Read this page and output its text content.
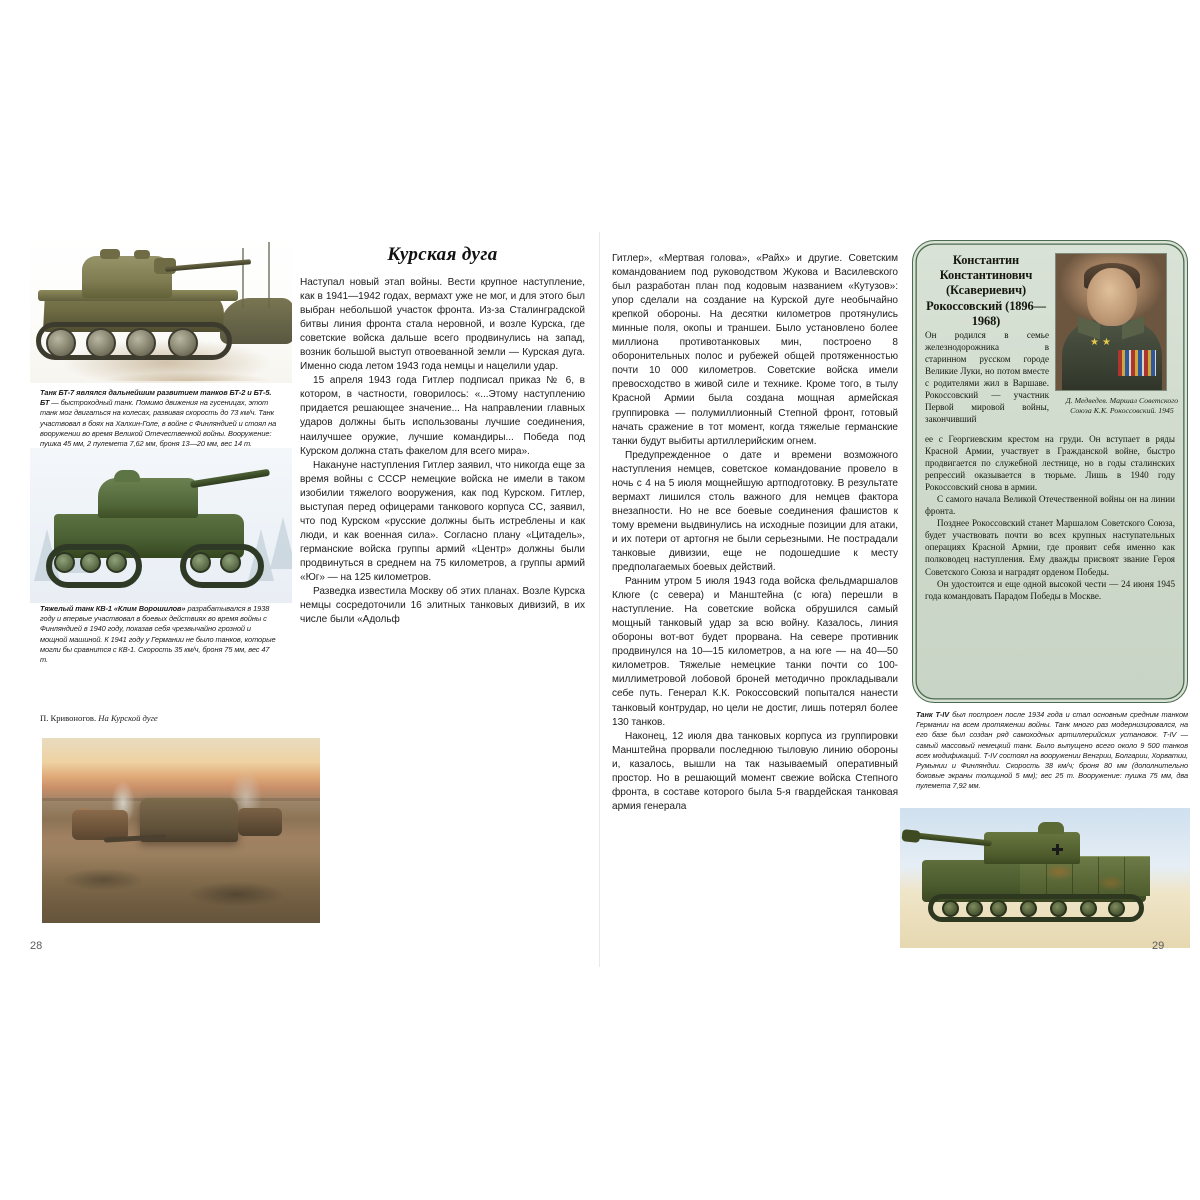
Танк БТ-7 являлся дальнейшим развитием танков БТ-2 и БТ-5. БТ — быстроходный танк. Помимо движения на гусеницах, этот танк мог двигаться на колесах, развивая скорость до 73 км/ч. Танк участвовал в боях на Халхин-Голе, в войне с Финляндией и стоял на вооружении во время Великой Отечественной войны. Вооружение: пушка 45 мм, 2 пулемета 7,62 мм, броня 13—20 мм, вес 14 т.
Тяжелый танк КВ-1 «Клим Ворошилов» разрабатывался в 1938 году и впервые участвовал в боевых действиях во время войны с Финляндией в 1940 году, показав себя чрезвычайно грозной и мощной машиной. К 1941 году у Германии не было танков, которые могли бы сравнится с КВ-1. Скорость 35 км/ч, броня 75 мм, вес 47 т.
П. Кривоногов. На Курской дуге
Курская дуга

Наступал новый этап войны. Вести крупное наступление, как в 1941—1942 годах, вермахт уже не мог, и для этого был выбран небольшой участок фронта. Из-за Сталинградской битвы линия фронта стала неровной, и возле Курска, где советские войска дальше всего продвинулись на запад, возник большой выступ отвоеванной земли — Курская дуга. Именно сюда летом 1943 года немцы и нацелили удар.

15 апреля 1943 года Гитлер подписал приказ № 6, в котором, в частности, говорилось: «...Этому наступлению придается решающее значение... На направлении главных ударов должны быть использованы лучшие соединения, наилучшее оружие, лучшие командиры... Победа под Курском должна стать факелом для всего мира».

Накануне наступления Гитлер заявил, что никогда еще за время войны с СССР немецкие войска не имели в таком изобилии тяжелого вооружения, как под Курском. Гитлер, выступая перед офицерами танкового корпуса СС, заявил, что под Курском «русские должны быть истреблены и как люди, и как военная сила». Согласно плану «Цитадель», германские войска группы армий «Центр» должны были продвинуться в среднем на 75 километров, а группы армий «Юг» — на 125 километров.

Разведка известила Москву об этих планах. Возле Курска немцы сосредоточили 16 элитных танковых дивизий, в их числе были «Адольф

Гитлер», «Мертвая голова», «Райх» и другие. Советским командованием под руководством Жукова и Василевского был разработан план под кодовым названием «Кутузов»: упор сделали на создание на Курской дуге необычайно крепкой обороны. На десятки километров протянулись минные поля, окопы и траншеи. Было установлено более миллиона противотанковых мин, построено 8 оборонительных полос и рубежей общей протяженностью почти 10 000 километров. Советские войска имели превосходство в живой силе и технике. Кроме того, в тылу Красной Армии была создана мощная армейская группировка — полумиллионный Степной фронт, готовый начать сражение в тот момент, когда тяжелые германские танки будут выбиты артиллерийским огнем.

Предупрежденное о дате и времени возможного наступления немцев, советское командование провело в ночь с 4 на 5 июля мощнейшую артподготовку. В результате вермахт лишился столь важного для немцев фактора внезапности. Но не все боевые соединения фашистов к тому времени выдвинулись на исходные позиции для атаки, и их потери от артогня не были серьезными. Не пострадали танковые дивизии, еще не подошедшие к месту предполагаемых боевых действий.

Ранним утром 5 июля 1943 года войска фельдмаршалов Клюге (с севера) и Манштейна (с юга) перешли в наступление. На советские войска обрушился самый мощный танковый удар за всю войну. Казалось, линия обороны вот-вот будет прорвана. На севере противник продвинулся на 10—15 километров, а на юге — на 40—50 километров. Тяжелые немецкие танки почти со 100-миллиметровой лобовой броней методично прокладывали себе путь. Генерал К.К. Рокоссовский попытался нанести танковый контрудар, но цели не достиг, лишь потерял более 130 танков.

Наконец, 12 июля два танковых корпуса из группировки Манштейна прорвали последнюю тыловую линию обороны и, казалось, вышли на так называемый оперативный простор. Но в решающий момент свежие войска Степного фронта, в составе которого была 5-я гвардейская танковая армия генерала

Константин Константинович (Ксавериевич) Рокоссовский (1896—1968)
★ ★
Он родился в семье железнодорожника в старинном русском городе Великие Луки, но потом вместе с родителями жил в Варшаве. Рокоссовский — участник Первой мировой войны, закончивший
Д. Медведев. Маршал Советского Союза К.К. Рокоссовский. 1945

ее с Георгиевским крестом на груди. Он вступает в ряды Красной Армии, участвует в Гражданской войне, быстро продвигается по служебной лестнице, но в годы сталинских репрессий оказывается в тюрьме. Лишь в 1940 году Рокоссовский снова в армии.

С самого начала Великой Отечественной войны он на линии фронта.

Позднее Рокоссовский станет Маршалом Советского Союза, будет участвовать почти во всех крупных наступательных операциях Красной Армии, где проявит себя именно как полководец наступления. Ему дважды присвоят звание Героя Советского Союза и наградят орденом Победы.

Он удостоится и еще одной высокой чести — 24 июня 1945 года командовать Парадом Победы в Москве.

Танк Т-IV был построен после 1934 года и стал основным средним танком Германии на всем протяжении войны. Танк много раз модернизировался, на его базе был создан ряд самоходных артиллерийских установок. Т-IV — самый массовый немецкий танк. Было выпущено всего около 9 500 танков всех модификаций. Т-IV состоял на вооружении Венгрии, Болгарии, Хорватии, Румынии и Финляндии. Скорость 38 км/ч; броня 80 мм (дополнительно боковые экраны толщиной 5 мм); вес 25 т. Вооружение: пушка 75 мм, два пулемета 7,92 мм.
28	29
